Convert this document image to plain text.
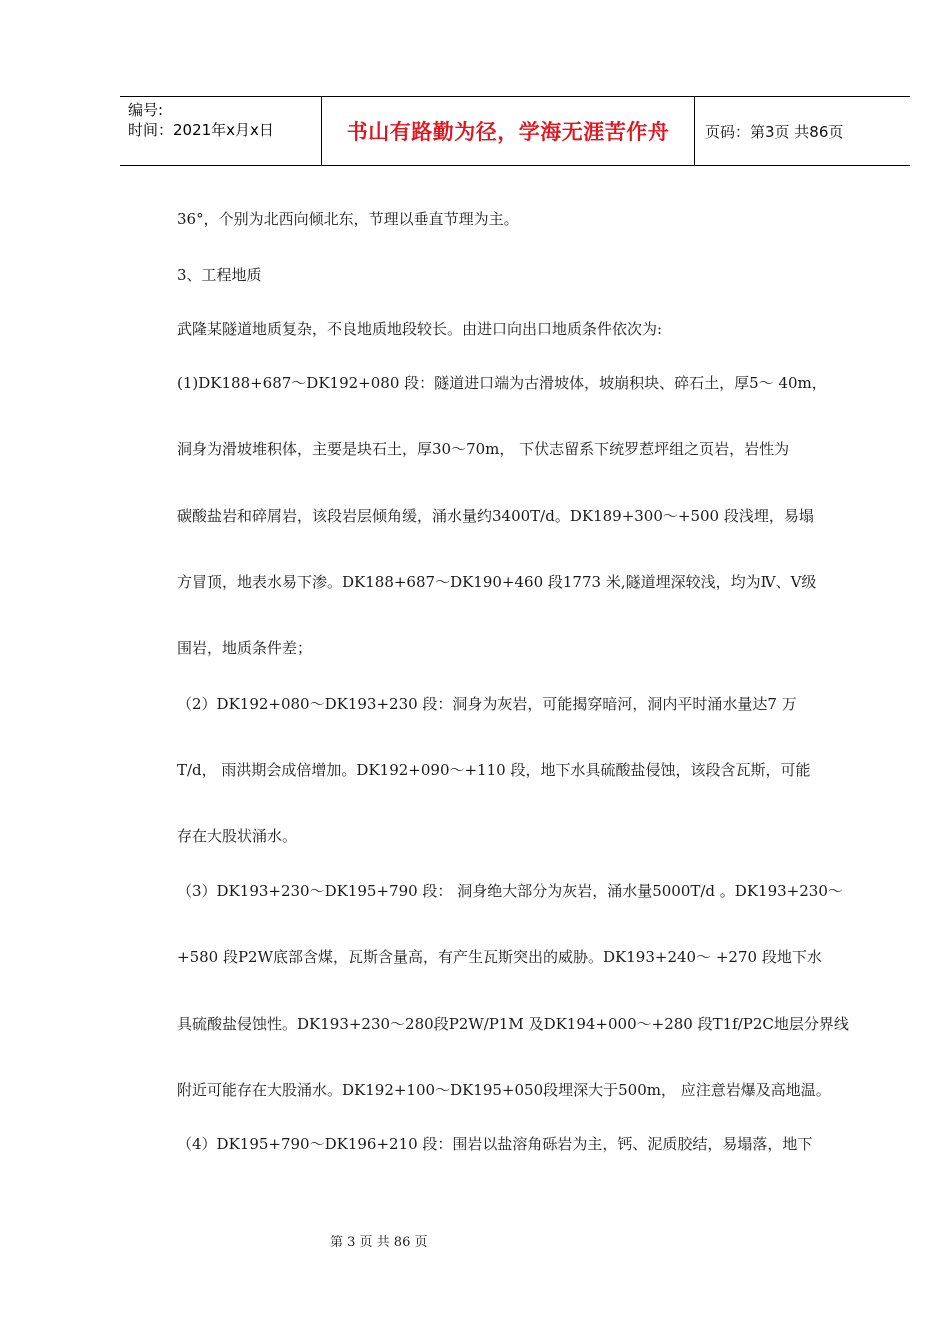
编号:
时间：2021年x月x日	书山有路勤为径，学海无涯苦作舟 页码：第3页 共86页
36°，个别为北西向倾北东，节理以垂直节理为主。
3、工程地质
武隆某隧道地质复杂，不良地质地段较长。由进口向出口地质条件依次为:
(1)DK188+687～DK192+080 段：隧道进口端为古滑坡体，坡崩积块、碎石土，厚5～ 40m，
洞身为滑坡堆积体，主要是块石土，厚30～70m， 下伏志留系下统罗惹坪组之页岩，岩性为
碳酸盐岩和碎屑岩，该段岩层倾角缓，涌水量约3400T/d。DK189+300～+500 段浅埋，易塌
方冒顶，地表水易下渗。DK188+687～DK190+460 段1773 米,隧道埋深较浅，均为Ⅳ、Ⅴ级
围岩，地质条件差；
（2）DK192+080～DK193+230 段：洞身为灰岩，可能揭穿暗河，洞内平时涌水量达7 万
T/d， 雨洪期会成倍增加。DK192+090～+110 段，地下水具硫酸盐侵蚀，该段含瓦斯，可能
存在大股状涌水。
（3）DK193+230～DK195+790 段： 洞身绝大部分为灰岩，涌水量5000T/d 。DK193+230～
+580 段P2W底部含煤，瓦斯含量高，有产生瓦斯突出的威胁。DK193+240～ +270 段地下水
具硫酸盐侵蚀性。DK193+230～280段P2W/P1M 及DK194+000～+280 段T1f/P2C地层分界线
附近可能存在大股涌水。DK192+100～DK195+050段埋深大于500m， 应注意岩爆及高地温。
（4）DK195+790～DK196+210 段：围岩以盐溶角砾岩为主，钙、泥质胶结，易塌落，地下
第 3 页 共 86 页
